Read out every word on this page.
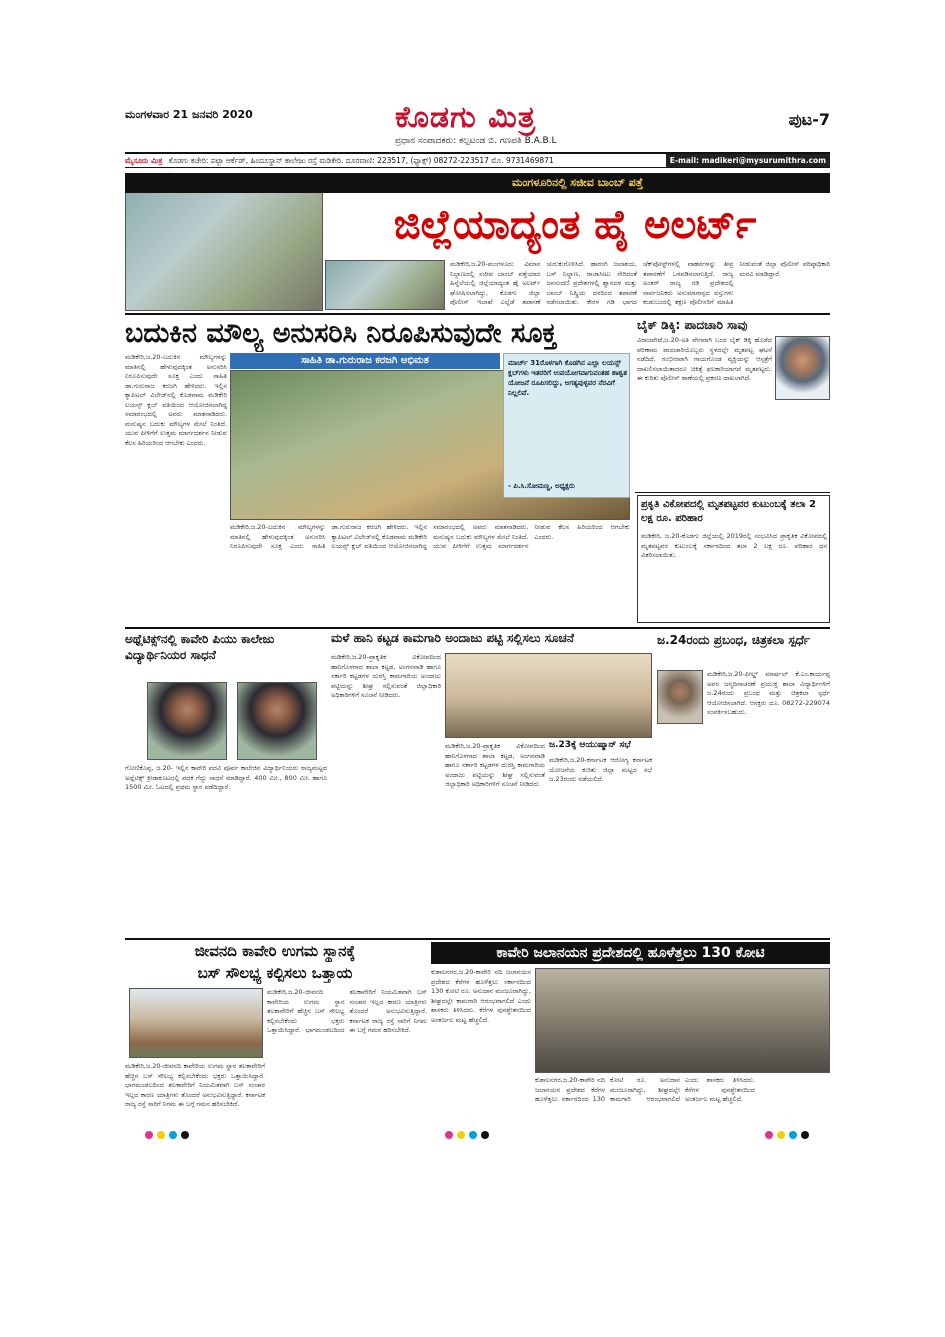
ಮಂಗಳವಾರ 21 ಜನವರಿ 2020	ಕೊಡಗು ಮಿತ್ರ
ಪ್ರಧಾನ ಸಂಪಾದಕರು: ಕಲ್ಪಟಂಡ ಬಿ. ಗಣಪತಿ B.A.B.L
ಪುಟ-7
ಮೈಸೂರು ಮಿತ್ರ ಕೊಡಗು ಕಚೇರಿ: ಪಟ್ಟಾ ಆರ್ಕೆಡ್, ಹಿಂದೂಸ್ಥಾನ್ ಕಾಲೇಜು ರಸ್ತೆ ಮಡಿಕೇರಿ. ದೂರವಾಣಿ: 223517, (ಫ್ಯಾಕ್ಸ್) 08272-223517 ಮೊ. 9731469871	E-mail: madikeri@mysurumithra.com
ಮಂಗಳೂರಿನಲ್ಲಿ ಸಜೀವ ಬಾಂಬ್ ಪತ್ತೆ
ಜಿಲ್ಲೆಯಾದ್ಯಂತ ಹೈ ಅಲರ್ಟ್
ಮಡಿಕೇರಿ,ಜ.20-ಮಂಗಳೂರು ವಿಮಾನ ನಿಲ್ದಾಣದಲ್ಲಿ ಸಜೀವ ಬಾಂಬ್ ಪತ್ತೆಯಾದ ಹಿನ್ನೆಲೆಯಲ್ಲಿ ಜಿಲ್ಲೆಯಾದ್ಯಂತ ಹೈ ಅಲರ್ಟ್ ಘೋಷಿಸಲಾಗಿದ್ದು, ಕೊಡಗು ಜಿಲ್ಲಾ ಪೊಲೀಸ್ ಇಲಾಖೆ ಎಲ್ಲೆಡೆ ತಪಾಸಣೆ ಚುರುಕುಗೊಳಿಸಿದೆ. ಹಾರಂಗಿ ಜಲಾಶಯ, ಬಸ್ ನಿಲ್ದಾಣ, ರಾಜಾಸೀಟು ಸೇರಿದಂತೆ ಜನಸಂದಣಿ ಪ್ರದೇಶಗಳಲ್ಲಿ ಶ್ವಾನದಳ ಮತ್ತು ಬಾಂಬ್ ನಿಷ್ಕ್ರಿಯ ದಳದಿಂದ ತಪಾಸಣೆ ನಡೆಸಲಾಯಿತು. ಕೇರಳ ಗಡಿ ಭಾಗದ ಚೆಕ್‌ಪೋಸ್ಟ್‌ಗಳಲ್ಲಿ ವಾಹನಗಳನ್ನು ತೀವ್ರ ತಪಾಸಣೆಗೆ ಒಳಪಡಿಸಲಾಗುತ್ತಿದೆ. ರಾಜ್ಯ ಅಂತರ್ ರಾಜ್ಯ ಗಡಿ ಪ್ರದೇಶದಲ್ಲಿ ಸಾರ್ವಜನಿಕರು ಅನುಮಾನಾಸ್ಪದ ವಸ್ತುಗಳು ಕಂಡುಬಂದಲ್ಲಿ ತಕ್ಷಣ ಪೊಲೀಸರಿಗೆ ಮಾಹಿತಿ ನೀಡುವಂತೆ ಜಿಲ್ಲಾ ಪೊಲೀಸ್ ವರಿಷ್ಠಾಧಿಕಾರಿ ಮನವಿ ಮಾಡಿದ್ದಾರೆ.
ಬದುಕಿನ ಮೌಲ್ಯ ಅನುಸರಿಸಿ ನಿರೂಪಿಸುವುದೇ ಸೂಕ್ತ
ಸಾಹಿತಿ ಡಾ.ಗುರುರಾಜ ಕರಜಗಿ ಅಭಿಮತ
ಮಡಿಕೇರಿ,ಜ.20-ಬದುಕಿನ ಮೌಲ್ಯಗಳನ್ನು ಮಾತಿನಲ್ಲಿ ಹೇಳುವುದಕ್ಕಿಂತ ಅನುಸರಿಸಿ ನಿರೂಪಿಸುವುದೇ ಸೂಕ್ತ ಎಂದು ಸಾಹಿತಿ ಡಾ.ಗುರುರಾಜ ಕರಜಗಿ ಹೇಳಿದರು. ಇಲ್ಲಿನ ಕ್ಯಾಪಿಟಲ್ ವಿಲೇಜ್‌ನಲ್ಲಿ ಕೊಡವಾಮ ಮಡಿಕೇರಿ ಲಯನ್ಸ್ ಕ್ಲಬ್ ವತಿಯಿಂದ ಆಯೋಜಿಸಲಾಗಿದ್ದ ಸಮಾರಂಭದಲ್ಲಿ ಅವರು ಮಾತನಾಡಿದರು. ಮನುಷ್ಯನ ಬದುಕು ಮೌಲ್ಯಗಳ ಮೇಲೆ ನಿಂತಿದೆ. ಯುವ ಪೀಳಿಗೆಗೆ ಉತ್ತಮ ಮಾರ್ಗದರ್ಶನ ನೀಡುವ ಕೆಲಸ ಹಿರಿಯರಿಂದ ಆಗಬೇಕು ಎಂದರು.
ಮಾರ್ಚ್ 31ರೊಳಗಾಗಿ ಕೊಡಗಿನ ಎಲ್ಲಾ ಲಯನ್ಸ್ ಕ್ಲಬ್‌ಗಳು ಇತರರಿಗೆ ಉಪಯೋಗವಾಗುವಂತಹ ಶಾಶ್ವತ ಯೋಜನೆ ರೂಪಿಸಲಿದ್ದು, ಅಗತ್ಯವುಳ್ಳವರ ನೆರವಿಗೆ ನಿಲ್ಲಲಿವೆ.
- ಪಿ.ಸಿ.ಸೋಮಣ್ಣ, ಅಧ್ಯಕ್ಷರು
ಮಡಿಕೇರಿ,ಜ.20-ಬದುಕಿನ ಮೌಲ್ಯಗಳನ್ನು ಮಾತಿನಲ್ಲಿ ಹೇಳುವುದಕ್ಕಿಂತ ಅನುಸರಿಸಿ ನಿರೂಪಿಸುವುದೇ ಸೂಕ್ತ ಎಂದು ಸಾಹಿತಿ ಡಾ.ಗುರುರಾಜ ಕರಜಗಿ ಹೇಳಿದರು. ಇಲ್ಲಿನ ಕ್ಯಾಪಿಟಲ್ ವಿಲೇಜ್‌ನಲ್ಲಿ ಕೊಡವಾಮ ಮಡಿಕೇರಿ ಲಯನ್ಸ್ ಕ್ಲಬ್ ವತಿಯಿಂದ ಆಯೋಜಿಸಲಾಗಿದ್ದ ಸಮಾರಂಭದಲ್ಲಿ ಅವರು ಮಾತನಾಡಿದರು. ಮನುಷ್ಯನ ಬದುಕು ಮೌಲ್ಯಗಳ ಮೇಲೆ ನಿಂತಿದೆ. ಯುವ ಪೀಳಿಗೆಗೆ ಉತ್ತಮ ಮಾರ್ಗದರ್ಶನ ನೀಡುವ ಕೆಲಸ ಹಿರಿಯರಿಂದ ಆಗಬೇಕು ಎಂದರು.
ಬೈಕ್ ಡಿಕ್ಕಿ: ಪಾದಚಾರಿ ಸಾವು
ವಿರಾಜಪೇಟೆ,ಜ.20-ಅತಿ ವೇಗವಾಗಿ ಬಂದ ಬೈಕ್ ಡಿಕ್ಕಿ ಹೊಡೆದ ಪರಿಣಾಮ ಪಾದಚಾರಿಯೊಬ್ಬರು ಸ್ಥಳದಲ್ಲೇ ಮೃತಪಟ್ಟ ಘಟನೆ ನಡೆದಿದೆ. ಗಂಭೀರವಾಗಿ ಗಾಯಗೊಂಡ ವ್ಯಕ್ತಿಯನ್ನು ಆಸ್ಪತ್ರೆಗೆ ದಾಖಲಿಸಲಾಯಿತಾದರೂ ಚಿಕಿತ್ಸೆ ಫಲಕಾರಿಯಾಗದೆ ಮೃತಪಟ್ಟರು. ಈ ಕುರಿತು ಪೊಲೀಸ್ ಠಾಣೆಯಲ್ಲಿ ಪ್ರಕರಣ ದಾಖಲಾಗಿದೆ.
ಪ್ರಕೃತಿ ವಿಕೋಪದಲ್ಲಿ ಮೃತಪಟ್ಟವರ ಕುಟುಂಬಕ್ಕೆ ತಲಾ 2 ಲಕ್ಷ ರೂ. ಪರಿಹಾರ
ಮಡಿಕೇರಿ, ಜ.20-ಕೊಡಗು ಜಿಲ್ಲೆಯಲ್ಲಿ 2019ರಲ್ಲಿ ಸಂಭವಿಸಿದ ಪ್ರಾಕೃತಿಕ ವಿಕೋಪದಲ್ಲಿ ಮೃತಪಟ್ಟವರ ಕುಟುಂಬಕ್ಕೆ ಸರ್ಕಾರದಿಂದ ತಲಾ 2 ಲಕ್ಷ ರೂ. ಪರಿಹಾರ ಧನ ವಿತರಿಸಲಾಯಿತು.
ಅಥ್ಲೆಟಿಕ್ಸ್‌ನಲ್ಲಿ ಕಾವೇರಿ ಪಿಯು ಕಾಲೇಜು ವಿದ್ಯಾರ್ಥಿನಿಯರ ಸಾಧನೆ
ಗೋಣಿಕೊಪ್ಪ, ಜ.20- ಇಲ್ಲಿನ ಕಾವೇರಿ ಪದವಿ ಪೂರ್ವ ಕಾಲೇಜಿನ ವಿದ್ಯಾರ್ಥಿನಿಯರು ರಾಜ್ಯಮಟ್ಟದ ಅಥ್ಲೆಟಿಕ್ಸ್ ಕ್ರೀಡಾಕೂಟದಲ್ಲಿ ಪದಕ ಗೆದ್ದು ಸಾಧನೆ ಮಾಡಿದ್ದಾರೆ. 400 ಮೀ., 800 ಮೀ. ಹಾಗೂ 1500 ಮೀ. ಓಟದಲ್ಲಿ ಪ್ರಥಮ ಸ್ಥಾನ ಪಡೆದಿದ್ದಾರೆ.
ಮಳೆ ಹಾನಿ ಕಟ್ಟಡ ಕಾಮಗಾರಿ ಅಂದಾಜು ಪಟ್ಟಿ ಸಲ್ಲಿಸಲು ಸೂಚನೆ
ಮಡಿಕೇರಿ,ಜ.20-ಪ್ರಾಕೃತಿಕ ವಿಕೋಪದಿಂದ ಹಾನಿಗೊಳಗಾದ ಶಾಲಾ ಕಟ್ಟಡ, ಅಂಗನವಾಡಿ ಹಾಗೂ ಸರ್ಕಾರಿ ಕಟ್ಟಡಗಳ ದುರಸ್ತಿ ಕಾಮಗಾರಿಯ ಅಂದಾಜು ಪಟ್ಟಿಯನ್ನು ಶೀಘ್ರ ಸಲ್ಲಿಸುವಂತೆ ಜಿಲ್ಲಾಧಿಕಾರಿ ಅಧಿಕಾರಿಗಳಿಗೆ ಸೂಚನೆ ನೀಡಿದರು.
ಮಡಿಕೇರಿ,ಜ.20-ಪ್ರಾಕೃತಿಕ ವಿಕೋಪದಿಂದ ಹಾನಿಗೊಳಗಾದ ಶಾಲಾ ಕಟ್ಟಡ, ಅಂಗನವಾಡಿ ಹಾಗೂ ಸರ್ಕಾರಿ ಕಟ್ಟಡಗಳ ದುರಸ್ತಿ ಕಾಮಗಾರಿಯ ಅಂದಾಜು ಪಟ್ಟಿಯನ್ನು ಶೀಘ್ರ ಸಲ್ಲಿಸುವಂತೆ ಜಿಲ್ಲಾಧಿಕಾರಿ ಅಧಿಕಾರಿಗಳಿಗೆ ಸೂಚನೆ ನೀಡಿದರು.
ಜ.23ಕ್ಕೆ ಆಯುಷ್ಮಾನ್ ಸಭೆ
ಮಡಿಕೇರಿ,ಜ.20-ಕರ್ನಾಟಕ ಆರೋಗ್ಯ ಕರ್ನಾಟಕ ಯೋಜನೆಯ ಕುರಿತು ಜಿಲ್ಲಾ ಮಟ್ಟದ ಸಭೆ ಜ.23ರಂದು ನಡೆಯಲಿದೆ.
ಜ.24ರಂದು ಪ್ರಬಂಧ, ಚಿತ್ರಕಲಾ ಸ್ಪರ್ಧೆ
ಮಡಿಕೇರಿ,ಜ.20-ಫೀಲ್ಡ್ ಮಾರ್ಷಲ್ ಕೆ.ಎಂ.ಕಾರ್ಯಪ್ಪ ಅವರ ಜನ್ಮದಿನಾಚರಣೆ ಪ್ರಯುಕ್ತ ಶಾಲಾ ವಿದ್ಯಾರ್ಥಿಗಳಿಗೆ ಜ.24ರಂದು ಪ್ರಬಂಧ ಮತ್ತು ಚಿತ್ರಕಲಾ ಸ್ಪರ್ಧೆ ಆಯೋಜಿಸಲಾಗಿದೆ. ಆಸಕ್ತರು ದೂ. 08272-229074 ಸಂಪರ್ಕಿಸಬಹುದು.
ಜೀವನದಿ ಕಾವೇರಿ ಉಗಮ ಸ್ಥಾನಕ್ಕೆ
ಬಸ್ ಸೌಲಭ್ಯ ಕಲ್ಪಿಸಲು ಒತ್ತಾಯ
ಮಡಿಕೇರಿ,ಜ.20-ಜೀವನದಿ ಕಾವೇರಿಯ ಉಗಮ ಸ್ಥಾನ ತಲಕಾವೇರಿಗೆ ಹೆಚ್ಚಿನ ಬಸ್ ಸೌಲಭ್ಯ ಕಲ್ಪಿಸಬೇಕೆಂದು ಭಕ್ತರು ಒತ್ತಾಯಿಸಿದ್ದಾರೆ. ಭಾಗಮಂಡಲದಿಂದ ತಲಕಾವೇರಿಗೆ ನಿಯಮಿತವಾಗಿ ಬಸ್ ಸಂಚಾರ ಇಲ್ಲದ ಕಾರಣ ಯಾತ್ರಿಗಳು ತೊಂದರೆ ಅನುಭವಿಸುತ್ತಿದ್ದಾರೆ. ಕರ್ನಾಟಕ ರಾಜ್ಯ ರಸ್ತೆ ಸಾರಿಗೆ ನಿಗಮ ಈ ಬಗ್ಗೆ ಗಮನ ಹರಿಸಬೇಕಿದೆ.
ಮಡಿಕೇರಿ,ಜ.20-ಜೀವನದಿ ಕಾವೇರಿಯ ಉಗಮ ಸ್ಥಾನ ತಲಕಾವೇರಿಗೆ ಹೆಚ್ಚಿನ ಬಸ್ ಸೌಲಭ್ಯ ಕಲ್ಪಿಸಬೇಕೆಂದು ಭಕ್ತರು ಒತ್ತಾಯಿಸಿದ್ದಾರೆ. ಭಾಗಮಂಡಲದಿಂದ ತಲಕಾವೇರಿಗೆ ನಿಯಮಿತವಾಗಿ ಬಸ್ ಸಂಚಾರ ಇಲ್ಲದ ಕಾರಣ ಯಾತ್ರಿಗಳು ತೊಂದರೆ ಅನುಭವಿಸುತ್ತಿದ್ದಾರೆ. ಕರ್ನಾಟಕ ರಾಜ್ಯ ರಸ್ತೆ ಸಾರಿಗೆ ನಿಗಮ ಈ ಬಗ್ಗೆ ಗಮನ ಹರಿಸಬೇಕಿದೆ.
ಕಾವೇರಿ ಜಲಾನಯನ ಪ್ರದೇಶದಲ್ಲಿ ಹೂಳೆತ್ತಲು 130 ಕೋಟಿ
ಕುಶಾಲನಗರ,ಜ.20-ಕಾವೇರಿ ನದಿ ಜಲಾನಯನ ಪ್ರದೇಶದ ಕೆರೆಗಳ ಹೂಳೆತ್ತಲು ಸರ್ಕಾರದಿಂದ 130 ಕೋಟಿ ರೂ. ಅನುದಾನ ಮಂಜೂರಾಗಿದ್ದು, ಶೀಘ್ರದಲ್ಲೇ ಕಾಮಗಾರಿ ಆರಂಭವಾಗಲಿದೆ ಎಂದು ಶಾಸಕರು ತಿಳಿಸಿದರು. ಕೆರೆಗಳ ಪುನಶ್ಚೇತನದಿಂದ ಅಂತರ್ಜಲ ಮಟ್ಟ ಹೆಚ್ಚಲಿದೆ.
ಕುಶಾಲನಗರ,ಜ.20-ಕಾವೇರಿ ನದಿ ಜಲಾನಯನ ಪ್ರದೇಶದ ಕೆರೆಗಳ ಹೂಳೆತ್ತಲು ಸರ್ಕಾರದಿಂದ 130 ಕೋಟಿ ರೂ. ಅನುದಾನ ಮಂಜೂರಾಗಿದ್ದು, ಶೀಘ್ರದಲ್ಲೇ ಕಾಮಗಾರಿ ಆರಂಭವಾಗಲಿದೆ ಎಂದು ಶಾಸಕರು ತಿಳಿಸಿದರು. ಕೆರೆಗಳ ಪುನಶ್ಚೇತನದಿಂದ ಅಂತರ್ಜಲ ಮಟ್ಟ ಹೆಚ್ಚಲಿದೆ.
